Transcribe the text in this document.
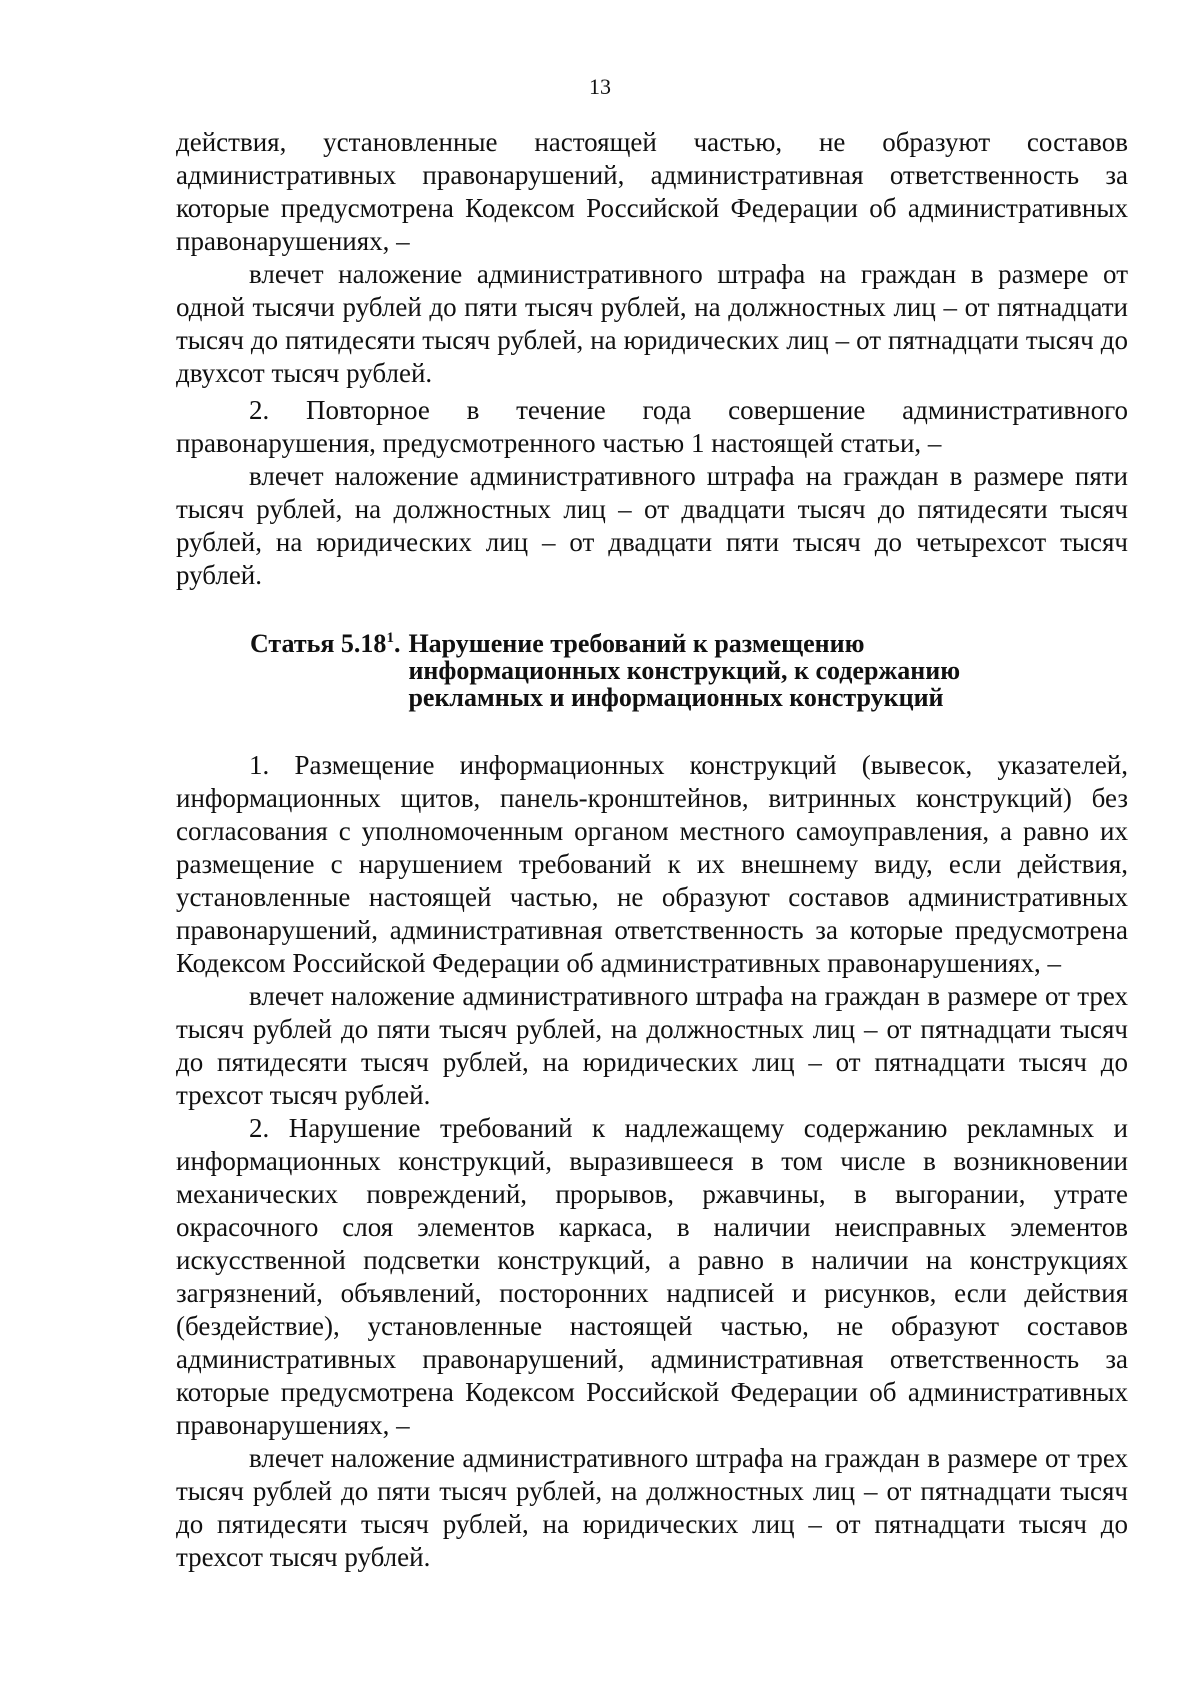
13

действия, установленные настоящей частью, не образуют составов административных правонарушений, административная ответственность за которые предусмотрена Кодексом Российской Федерации об административных правонарушениях, –

влечет наложение административного штрафа на граждан в размере от одной тысячи рублей до пяти тысяч рублей, на должностных лиц – от пятнадцати тысяч до пятидесяти тысяч рублей, на юридических лиц – от пятнадцати тысяч до двухсот тысяч рублей.

2. Повторное в течение года совершение административного правонарушения, предусмотренного частью 1 настоящей статьи, –

влечет наложение административного штрафа на граждан в размере пяти тысяч рублей, на должностных лиц – от двадцати тысяч до пятидесяти тысяч рублей, на юридических лиц – от двадцати пяти тысяч до четырехсот тысяч рублей.

Статья 5.18$^1$. Нарушение требований к размещению
информационных конструкций, к содержанию
рекламных и информационных конструкций

1. Размещение информационных конструкций (вывесок, указателей, информационных щитов, панель-кронштейнов, витринных конструкций) без согласования с уполномоченным органом местного самоуправления, а равно их размещение с нарушением требований к их внешнему виду, если действия, установленные настоящей частью, не образуют составов административных правонарушений, административная ответственность за которые предусмотрена Кодексом Российской Федерации об административных правонарушениях, –

влечет наложение административного штрафа на граждан в размере от трех тысяч рублей до пяти тысяч рублей, на должностных лиц – от пятнадцати тысяч до пятидесяти тысяч рублей, на юридических лиц – от пятнадцати тысяч до трехсот тысяч рублей.

2. Нарушение требований к надлежащему содержанию рекламных и информационных конструкций, выразившееся в том числе в возникновении механических повреждений, прорывов, ржавчины, в выгорании, утрате окрасочного слоя элементов каркаса, в наличии неисправных элементов искусственной подсветки конструкций, а равно в наличии на конструкциях загрязнений, объявлений, посторонних надписей и рисунков, если действия (бездействие), установленные настоящей частью, не образуют составов административных правонарушений, административная ответственность за которые предусмотрена Кодексом Российской Федерации об административных правонарушениях, –

влечет наложение административного штрафа на граждан в размере от трех тысяч рублей до пяти тысяч рублей, на должностных лиц – от пятнадцати тысяч до пятидесяти тысяч рублей, на юридических лиц – от пятнадцати тысяч до трехсот тысяч рублей.
